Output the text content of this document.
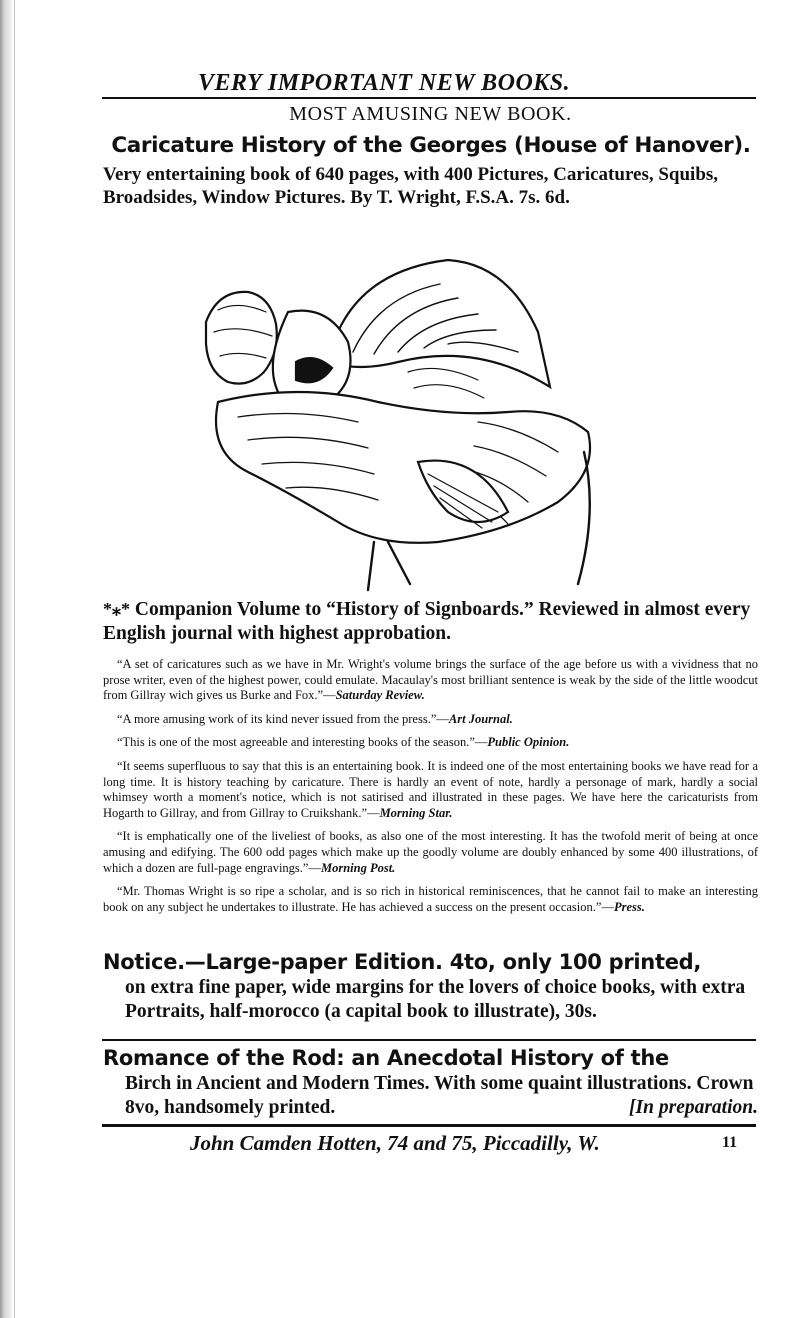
VERY IMPORTANT NEW BOOKS.
MOST AMUSING NEW BOOK.
Caricature History of the Georges (House of Hanover).
Very entertaining book of 640 pages, with 400 Pictures, Caricatures, Squibs, Broadsides, Window Pictures. By T. Wright, F.S.A. 7s. 6d.
*⁎* Companion Volume to “History of Signboards.” Reviewed in almost every English journal with highest approbation.

“A set of caricatures such as we have in Mr. Wright's volume brings the surface of the age before us with a vividness that no prose writer, even of the highest power, could emulate. Macaulay's most brilliant sentence is weak by the side of the little woodcut from Gillray wich gives us Burke and Fox.”—Saturday Review.

“A more amusing work of its kind never issued from the press.”—Art Journal.

“This is one of the most agreeable and interesting books of the season.”—Public Opinion.

“It seems superfluous to say that this is an entertaining book. It is indeed one of the most entertaining books we have read for a long time. It is history teaching by caricature. There is hardly an event of note, hardly a personage of mark, hardly a social whimsey worth a moment's notice, which is not satirised and illustrated in these pages. We have here the caricaturists from Hogarth to Gillray, and from Gillray to Cruikshank.”—Morning Star.

“It is emphatically one of the liveliest of books, as also one of the most interesting. It has the twofold merit of being at once amusing and edifying. The 600 odd pages which make up the goodly volume are doubly enhanced by some 400 illustrations, of which a dozen are full-page engravings.”—Morning Post.

“Mr. Thomas Wright is so ripe a scholar, and is so rich in historical reminiscences, that he cannot fail to make an interesting book on any subject he undertakes to illustrate. He has achieved a success on the present occasion.”—Press.

Notice.—Large-paper Edition. 4to, only 100 printed,
on extra fine paper, wide margins for the lovers of choice books, with extra Portraits, half-morocco (a capital book to illustrate), 30s.
Romance of the Rod: an Anecdotal History of the
Birch in Ancient and Modern Times. With some quaint illustrations. Crown 8vo, handsomely printed.	[In preparation.
John Camden Hotten, 74 and 75, Piccadilly, W.	11
